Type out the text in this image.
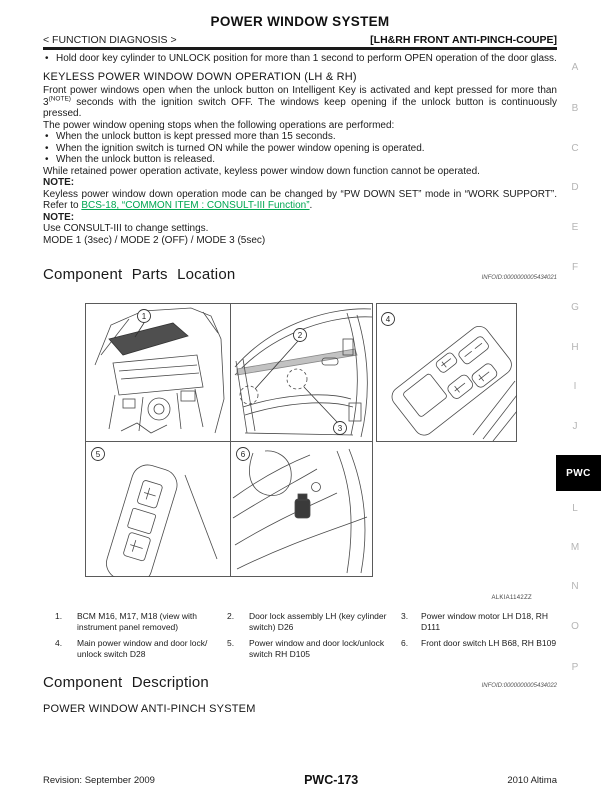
POWER WINDOW SYSTEM
< FUNCTION DIAGNOSIS >	[LH&RH FRONT ANTI-PINCH-COUPE]

• Hold door key cylinder to UNLOCK position for more than 1 second to perform OPEN operation of the door glass.

KEYLESS POWER WINDOW DOWN OPERATION (LH & RH)

Front power windows open when the unlock button on Intelligent Key is activated and kept pressed for more than $3^{(NOTE)}$ seconds with the ignition switch OFF. The windows keep opening if the unlock button is continuously pressed.

The power window opening stops when the following operations are performed:

• When the unlock button is kept pressed more than 15 seconds.

• When the ignition switch is turned ON while the power window opening is operated.

• When the unlock button is released.

While retained power operation activate, keyless power window down function cannot be operated.

NOTE:

Keyless power window down operation mode can be changed by “PW DOWN SET” mode in “WORK SUPPORT”. Refer to BCS-18, “COMMON ITEM : CONSULT-III Function”.

NOTE:

Use CONSULT-III to change settings.

MODE 1 (3sec) / MODE 2 (OFF) / MODE 3 (5sec)

Component Parts Location	INFOID:0000000005434021
1
2
3
4
5	6
ALKIA1142ZZ
1.	BCM M16, M17, M18 (view with instrument panel removed)
2.	Door lock assembly LH (key cylinder switch) D26
3.	Power window motor LH D18, RH D111
4.	Main power window and door lock/ unlock switch D28
5.	Power window and door lock/unlock switch RH D105
6.	Front door switch LH B68, RH B109
Component Description	INFOID:0000000005434022
POWER WINDOW ANTI-PINCH SYSTEM
Revision: September 2009	PWC-173	2010 Altima
A
B
C
D
E
F
G
H
I
J
PWC
L
M
N
O
P
